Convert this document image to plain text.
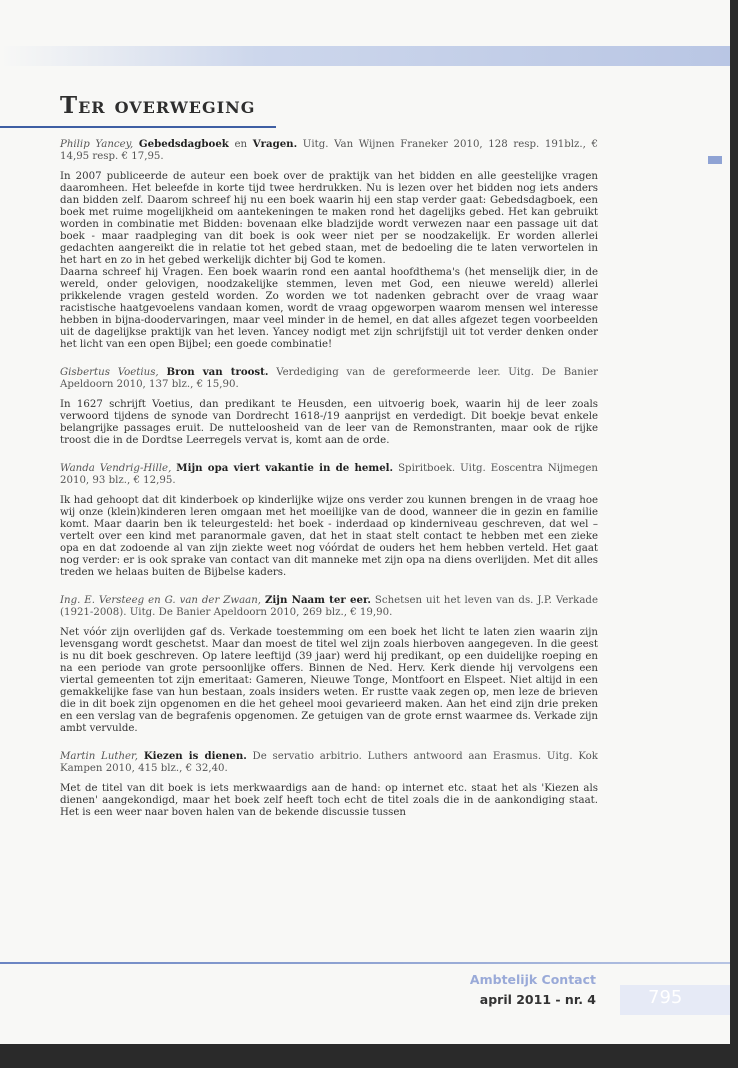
Ter overweging
Philip Yancey, Gebedsdagboek en Vragen. Uitg. Van Wijnen Franeker 2010, 128 resp. 191blz., € 14,95 resp. € 17,95.

In 2007 publiceerde de auteur een boek over de praktijk van het bidden en alle geestelijke vragen daaromheen. Het beleefde in korte tijd twee herdrukken. Nu is lezen over het bidden nog iets anders dan bidden zelf. Daarom schreef hij nu een boek waarin hij een stap verder gaat: Gebedsdagboek, een boek met ruime mogelijkheid om aantekeningen te maken rond het dagelijks gebed. Het kan gebruikt worden in combinatie met Bidden: bovenaan elke bladzijde wordt verwezen naar een passage uit dat boek - maar raadpleging van dit boek is ook weer niet per se noodzakelijk. Er worden allerlei gedachten aangereikt die in relatie tot het gebed staan, met de bedoeling die te laten verwortelen in het hart en zo in het gebed werkelijk dichter bij God te komen.

Daarna schreef hij Vragen. Een boek waarin rond een aantal hoofdthema's (het menselijk dier, in de wereld, onder gelovigen, noodzakelijke stemmen, leven met God, een nieuwe wereld) allerlei prikkelende vragen gesteld worden. Zo worden we tot nadenken gebracht over de vraag waar racistische haatgevoelens vandaan komen, wordt de vraag opgeworpen waarom mensen wel interesse hebben in bijna-doodervaringen, maar veel minder in de hemel, en dat alles afgezet tegen voorbeelden uit de dagelijkse praktijk van het leven. Yancey nodigt met zijn schrijfstijl uit tot verder denken onder het licht van een open Bijbel; een goede combinatie!

Gisbertus Voetius, Bron van troost. Verdediging van de gereformeerde leer. Uitg. De Banier Apeldoorn 2010, 137 blz., € 15,90.

In 1627 schrijft Voetius, dan predikant te Heusden, een uitvoerig boek, waarin hij de leer zoals verwoord tijdens de synode van Dordrecht 1618-/19 aanprijst en verdedigt. Dit boekje bevat enkele belangrijke passages eruit. De nutteloosheid van de leer van de Remonstranten, maar ook de rijke troost die in de Dordtse Leerregels vervat is, komt aan de orde.

Wanda Vendrig-Hille, Mijn opa viert vakantie in de hemel. Spiritboek. Uitg. Eoscentra Nijmegen 2010, 93 blz., € 12,95.

Ik had gehoopt dat dit kinderboek op kinderlijke wijze ons verder zou kunnen brengen in de vraag hoe wij onze (klein)kinderen leren omgaan met het moeilijke van de dood, wanneer die in gezin en familie komt. Maar daarin ben ik teleurgesteld: het boek - inderdaad op kinderniveau geschreven, dat wel – vertelt over een kind met paranormale gaven, dat het in staat stelt contact te hebben met een zieke opa en dat zodoende al van zijn ziekte weet nog vóórdat de ouders het hem hebben verteld. Het gaat nog verder: er is ook sprake van contact van dit manneke met zijn opa na diens overlijden. Met dit alles treden we helaas buiten de Bijbelse kaders.

Ing. E. Versteeg en G. van der Zwaan, Zijn Naam ter eer. Schetsen uit het leven van ds. J.P. Verkade (1921-2008). Uitg. De Banier Apeldoorn 2010, 269 blz., € 19,90.

Net vóór zijn overlijden gaf ds. Verkade toestemming om een boek het licht te laten zien waarin zijn levensgang wordt geschetst. Maar dan moest de titel wel zijn zoals hierboven aangegeven. In die geest is nu dit boek geschreven. Op latere leeftijd (39 jaar) werd hij predikant, op een duidelijke roeping en na een periode van grote persoonlijke offers. Binnen de Ned. Herv. Kerk diende hij vervolgens een viertal gemeenten tot zijn emeritaat: Gameren, Nieuwe Tonge, Montfoort en Elspeet. Niet altijd in een gemakkelijke fase van hun bestaan, zoals insiders weten. Er rustte vaak zegen op, men leze de brieven die in dit boek zijn opgenomen en die het geheel mooi gevarieerd maken. Aan het eind zijn drie preken en een verslag van de begrafenis opgenomen. Ze getuigen van de grote ernst waarmee ds. Verkade zijn ambt vervulde.

Martin Luther, Kiezen is dienen. De servatio arbitrio. Luthers antwoord aan Erasmus. Uitg. Kok Kampen 2010, 415 blz., € 32,40.

Met de titel van dit boek is iets merkwaardigs aan de hand: op internet etc. staat het als 'Kiezen als dienen' aangekondigd, maar het boek zelf heeft toch echt de titel zoals die in de aankondiging staat. Het is een weer naar boven halen van de bekende discussie tussen

Ambtelijk Contact
april 2011 - nr. 4	795
